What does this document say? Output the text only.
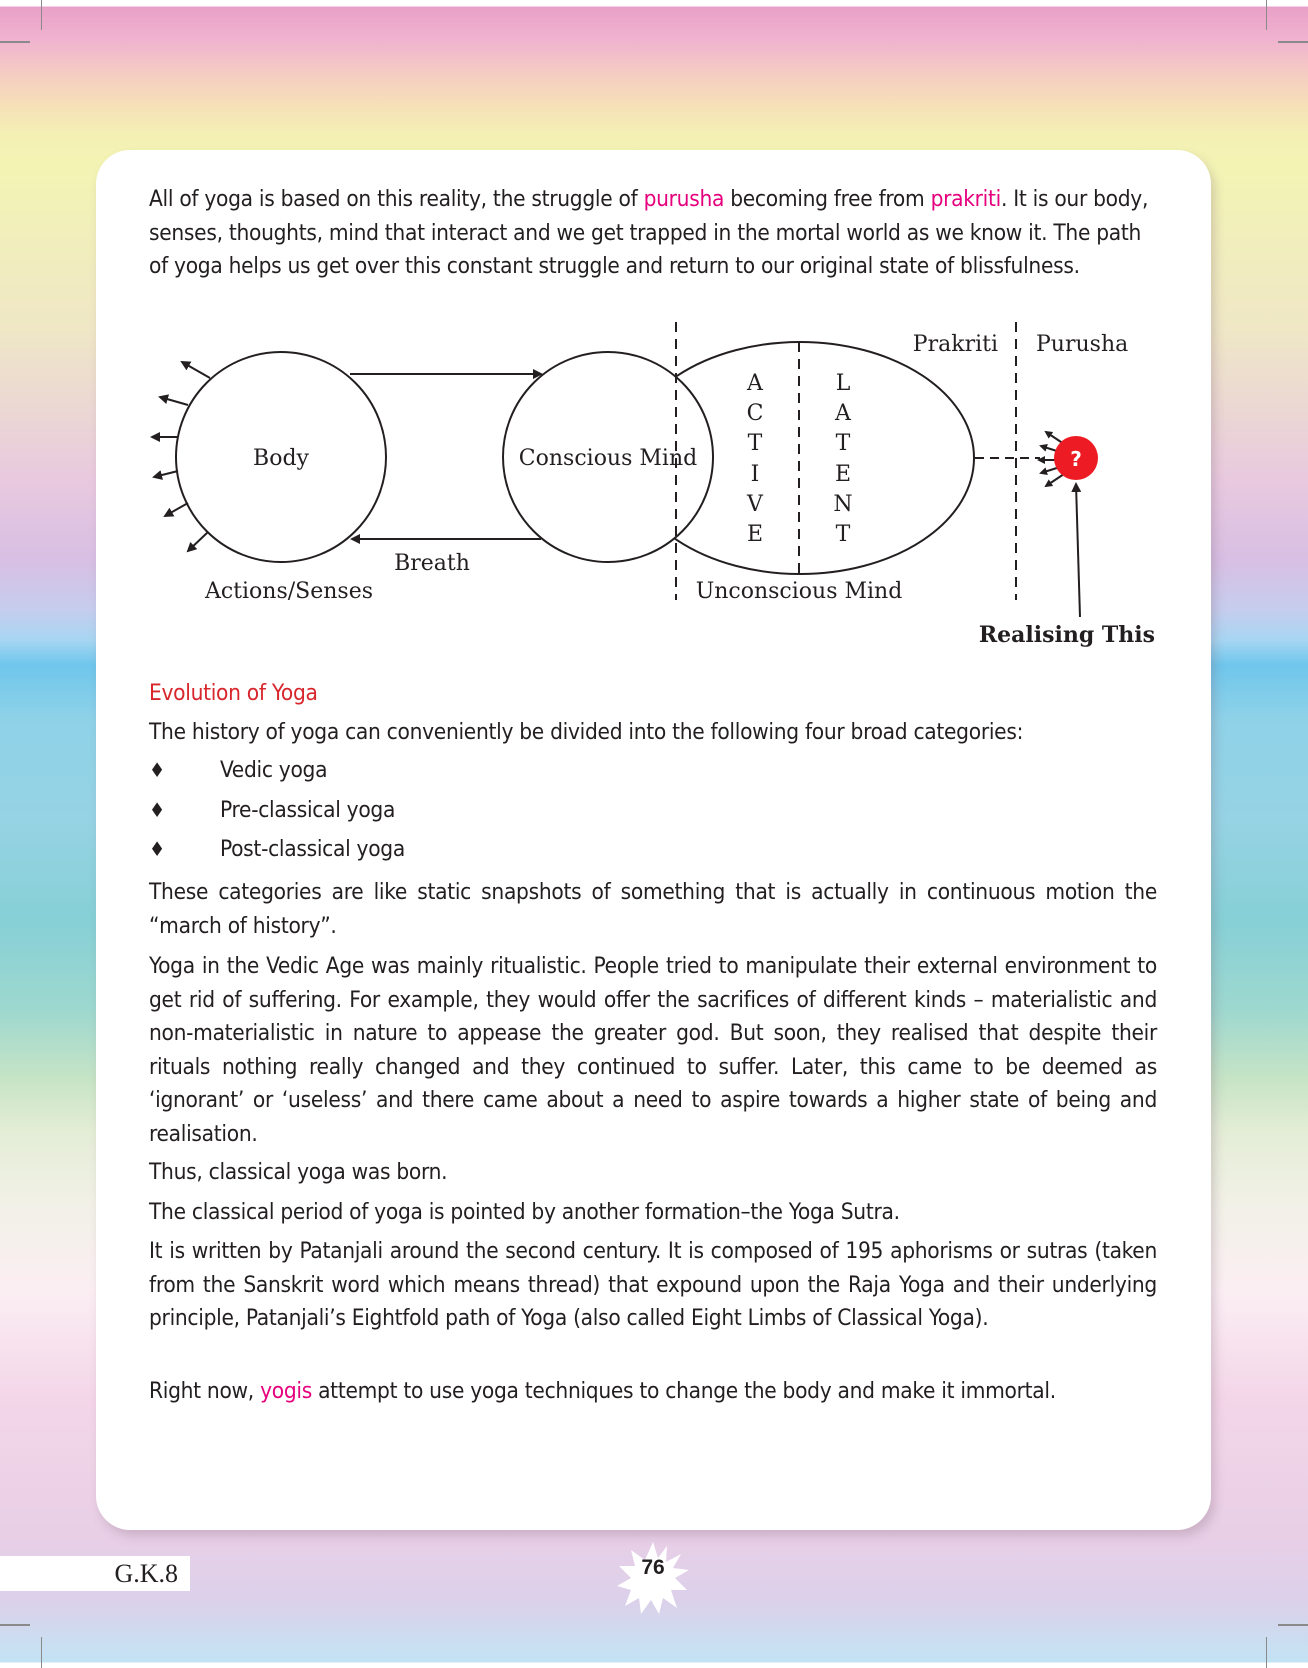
All of yoga is based on this reality, the struggle of purusha becoming free from prakriti. It is our body, senses, thoughts, mind that interact and we get trapped in the mortal world as we know it. The path of yoga helps us get over this constant struggle and return to our original state of blissfulness.
?
Body	Conscious Mind
Breath
Actions/Senses	Unconscious Mind
Prakriti Purusha
Realising This
A
C
T
I
V
E
L
A
T
E
N
T
Evolution of Yoga
The history of yoga can conveniently be divided into the following four broad categories:
♦ Vedic yoga
♦ Pre-classical yoga
♦ Post-classical yoga
These categories are like static snapshots of something that is actually in continuous motion the “march of history”.
Yoga in the Vedic Age was mainly ritualistic. People tried to manipulate their external environment to get rid of suffering. For example, they would offer the sacrifices of different kinds – materialistic and non-materialistic in nature to appease the greater god. But soon, they realised that despite their rituals nothing really changed and they continued to suffer. Later, this came to be deemed as ‘ignorant’ or ‘useless’ and there came about a need to aspire towards a higher state of being and realisation.
Thus, classical yoga was born.
The classical period of yoga is pointed by another formation–the Yoga Sutra.
It is written by Patanjali around the second century. It is composed of 195 aphorisms or sutras (taken from the Sanskrit word which means thread) that expound upon the Raja Yoga and their underlying principle, Patanjali’s Eightfold path of Yoga (also called Eight Limbs of Classical Yoga).
Right now, yogis attempt to use yoga techniques to change the body and make it immortal.
G.K.8	76
